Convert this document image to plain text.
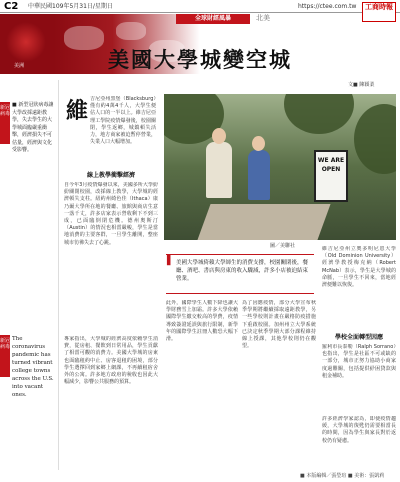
C2 中華民國109年5月31日/星期日	https://ctee.com.tw	工商時報
美洲
全球財經風暴	北美
美國大學城變空城
文■ 陳穎柔
新冠病毒
■ 新型冠狀病毒讓大學改採遠距教學，失去學生的大學城面臨嚴重衝擊，經濟損失不可估量，經濟與文化受影響。
新冠病毒
The coronavirus pandemic has turned vibrant college towns across the U.S. into vacant ones.
維 吉尼亞州黑堡（Blacksburg）僅有約4萬4千人，大學生便佔人口的一半以上。維吉尼亞理工學院疫情爆發後，校園關閉，學生返鄉，城鎮頓失活力，地方商家被迫暫停營業，失業人口大幅增加。
線上教學衝擊經濟
自今年3月疫情爆發以來，美國多所大學紛紛關閉校園，改採線上教學，大學城的經濟頓失支柱。紐約州綺色佳（Ithaca）康乃爾大學所在地的餐廳、旅館與商店生意一落千丈，許多店家表示營收剩下不到三成，已面臨倒閉危機。德州奧斯汀（Austin）的情況也相當嚴峻，學生是當地消費的主要客群，一旦學生離開，整座城市彷彿失去了心跳。
專家指出，大學城的經濟高度依賴學生消費，從房租、餐飲到日常用品，學生貢獻了相當可觀的消費力。美國大學城的房東也面臨租約中止、房客退租的困境，部分學生選擇回到家鄉上網課，不再續租宿舍外的公寓。許多地方政府的稅收也因此大幅減少，影響公共服務的預算。
WE ARE OPEN
圖／美聯社
▌ 美國大學城倚賴大學師生的消費支撐，校園關閉後，餐廳、酒吧、書店與房東的收入驟減，許多小店被迫結束營業。
此外，國際學生人數下降也讓大學財務雪上加霜。許多大學依賴國際學生繳交較高的學費，疫情導致簽證延誤與旅行限制，新學年的國際學生註冊人數恐大幅下滑。
為了因應疫情，部分大學宣布秋季學期將繼續採取遠距教學，另一些學校則計畫在嚴格防疫措施下重啟校園。加州州立大學系統已決定秋季學期大部分課程維持線上授課，其他學校則仍在觀望。
維吉尼亞州立奧多明尼恩大學（Old Dominion University）經濟學教授梅克納（Robert McNab）表示，學生是大學城的命脈，一旦學生不回來，當地經濟便難以恢復。
學校全面轉型因應
羅利市長泰勒（Ralph Sorrano）也指出，學生是社區不可或缺的一部分，城市正努力協助小商家度過難關，包括提供紓困貸款與租金補助。
許多經濟學家認為，即使疫情趨緩，大學城的復甦仍需要相當長的時間，因為學生與家長對於返校仍有疑慮。
■ 本版編輯／張瑩瑄 ■ 美術：張凱莉
